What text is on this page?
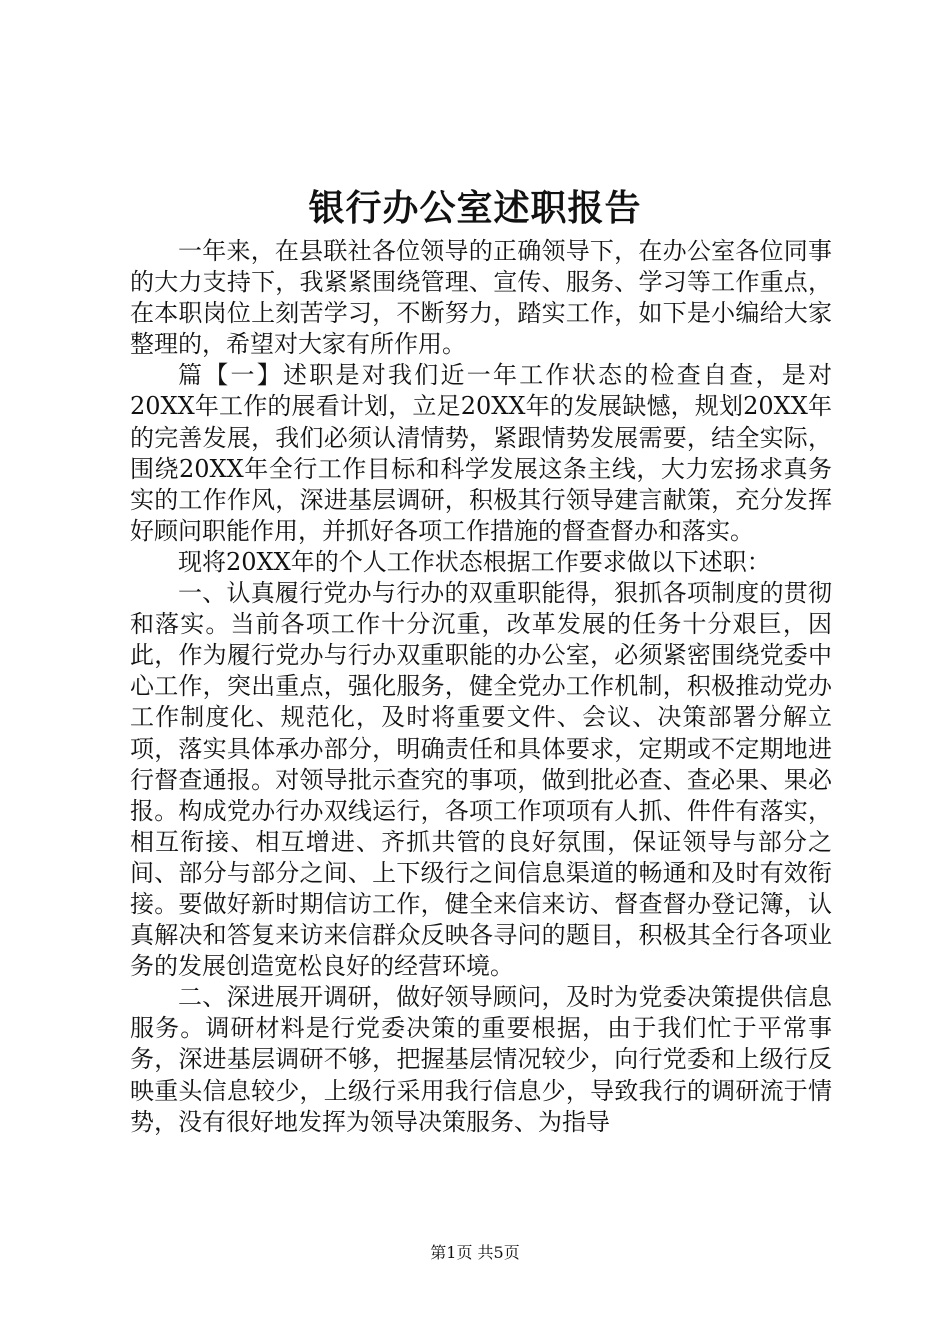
银行办公室述职报告

一年来，在县联社各位领导的正确领导下，在办公室各位同事的大力支持下，我紧紧围绕管理、宣传、服务、学习等工作重点，在本职岗位上刻苦学习，不断努力，踏实工作，如下是小编给大家整理的，希望对大家有所作用。

篇【一】述职是对我们近一年工作状态的检查自查，是对20XX年工作的展看计划，立足20XX年的发展缺憾，规划20XX年的完善发展，我们必须认清情势，紧跟情势发展需要，结全实际，围绕20XX年全行工作目标和科学发展这条主线，大力宏扬求真务实的工作作风，深进基层调研，积极其行领导建言献策，充分发挥好顾问职能作用，并抓好各项工作措施的督查督办和落实。

现将20XX年的个人工作状态根据工作要求做以下述职：

一、认真履行党办与行办的双重职能得，狠抓各项制度的贯彻和落实。当前各项工作十分沉重，改革发展的任务十分艰巨，因此，作为履行党办与行办双重职能的办公室，必须紧密围绕党委中心工作，突出重点，强化服务，健全党办工作机制，积极推动党办工作制度化、规范化，及时将重要文件、会议、决策部署分解立项，落实具体承办部分，明确责任和具体要求，定期或不定期地进行督查通报。对领导批示查究的事项，做到批必查、查必果、果必报。构成党办行办双线运行，各项工作项项有人抓、件件有落实，相互衔接、相互增进、齐抓共管的良好氛围，保证领导与部分之间、部分与部分之间、上下级行之间信息渠道的畅通和及时有效衔接。要做好新时期信访工作，健全来信来访、督查督办登记簿，认真解决和答复来访来信群众反映各寻问的题目，积极其全行各项业务的发展创造宽松良好的经营环境。

二、深进展开调研，做好领导顾问，及时为党委决策提供信息服务。调研材料是行党委决策的重要根据，由于我们忙于平常事务，深进基层调研不够，把握基层情况较少，向行党委和上级行反映重头信息较少，上级行采用我行信息少，导致我行的调研流于情势，没有很好地发挥为领导决策服务、为指导

第1页 共5页
